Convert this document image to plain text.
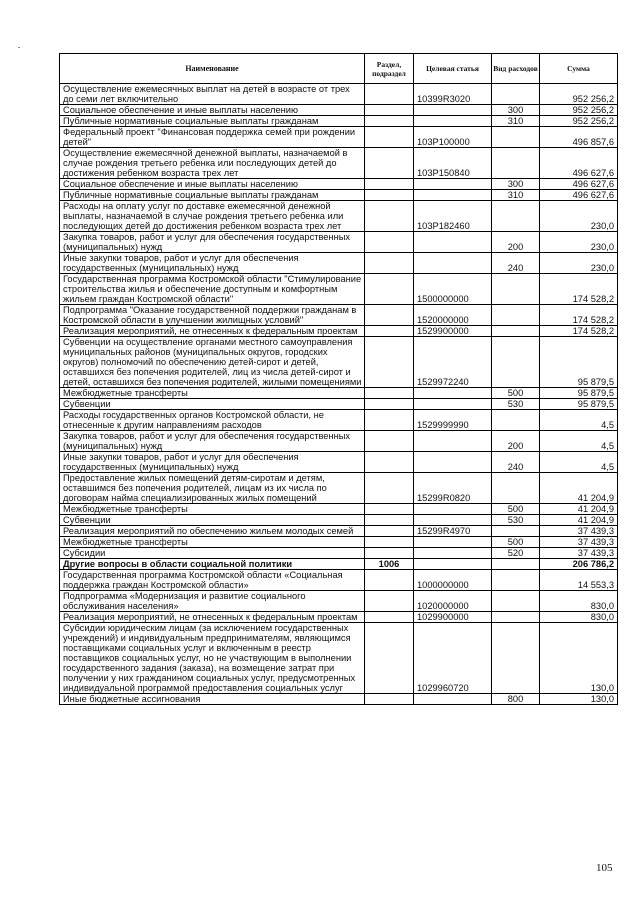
Наименование	Раздел, подраздел	Целевая статья	Вид расходов	Сумма
Осуществление ежемесячных выплат на детей в возрасте от трех до семи лет включительно		10399R3020		952 256,2
Социальное обеспечение и иные выплаты населению			300	952 256,2
Публичные нормативные социальные выплаты гражданам			310	952 256,2
Федеральный проект "Финансовая поддержка семей при рождении детей"		103P100000		496 857,6
Осуществление ежемесячной денежной выплаты, назначаемой в случае рождения третьего ребенка или последующих детей до достижения ребенком возраста трех лет		103P150840		496 627,6
Социальное обеспечение и иные выплаты населению			300	496 627,6
Публичные нормативные социальные выплаты гражданам			310	496 627,6
Расходы на оплату услуг по доставке ежемесячной денежной выплаты, назначаемой в случае рождения третьего ребенка или последующих детей до достижения ребенком возраста трех лет		103P182460		230,0
Закупка товаров, работ и услуг для обеспечения государственных (муниципальных) нужд			200	230,0
Иные закупки товаров, работ и услуг для обеспечения государственных (муниципальных) нужд			240	230,0
Государственная программа Костромской области "Стимулирование строительства жилья и обеспечение доступным и комфортным жильем граждан Костромской области"		1500000000		174 528,2
Подпрограмма "Оказание государственной поддержки гражданам в Костромской области в улучшении жилищных условий"		1520000000		174 528,2
Реализация мероприятий, не отнесенных к федеральным проектам		1529900000		174 528,2
Субвенции на осуществление органами местного самоуправления муниципальных районов (муниципальных округов, городских округов) полномочий по обеспечению детей-сирот и детей, оставшихся без попечения родителей, лиц из числа детей-сирот и детей, оставшихся без попечения родителей, жилыми помещениями		1529972240		95 879,5
Межбюджетные трансферты			500	95 879,5
Субвенции			530	95 879,5
Расходы государственных органов Костромской области, не отнесенные к другим направлениям расходов		1529999990		4,5
Закупка товаров, работ и услуг для обеспечения государственных (муниципальных) нужд			200	4,5
Иные закупки товаров, работ и услуг для обеспечения государственных (муниципальных) нужд			240	4,5
Предоставление жилых помещений детям-сиротам и детям, оставшимся без попечения родителей, лицам из их числа по договорам найма специализированных жилых помещений		15299R0820		41 204,9
Межбюджетные трансферты			500	41 204,9
Субвенции			530	41 204,9
Реализация мероприятий по обеспечению жильем молодых семей		15299R4970		37 439,3
Межбюджетные трансферты			500	37 439,3
Субсидии			520	37 439,3
Другие вопросы в области социальной политики	1006			206 786,2
Государственная программа Костромской области «Социальная поддержка граждан Костромской области»		1000000000		14 553,3
Подпрограмма «Модернизация и развитие социального обслуживания населения»		1020000000		830,0
Реализация мероприятий, не отнесенных к федеральным проектам		1029900000		830,0
Субсидии юридическим лицам (за исключением государственных учреждений) и индивидуальным предпринимателям, являющимся поставщиками социальных услуг и включенным в реестр поставщиков социальных услуг, но не участвующим в выполнении государственного задания (заказа), на возмещение затрат при получении у них гражданином социальных услуг, предусмотренных индивидуальной программой предоставления социальных услуг		1029960720		130,0
Иные бюджетные ассигнования			800	130,0
105
